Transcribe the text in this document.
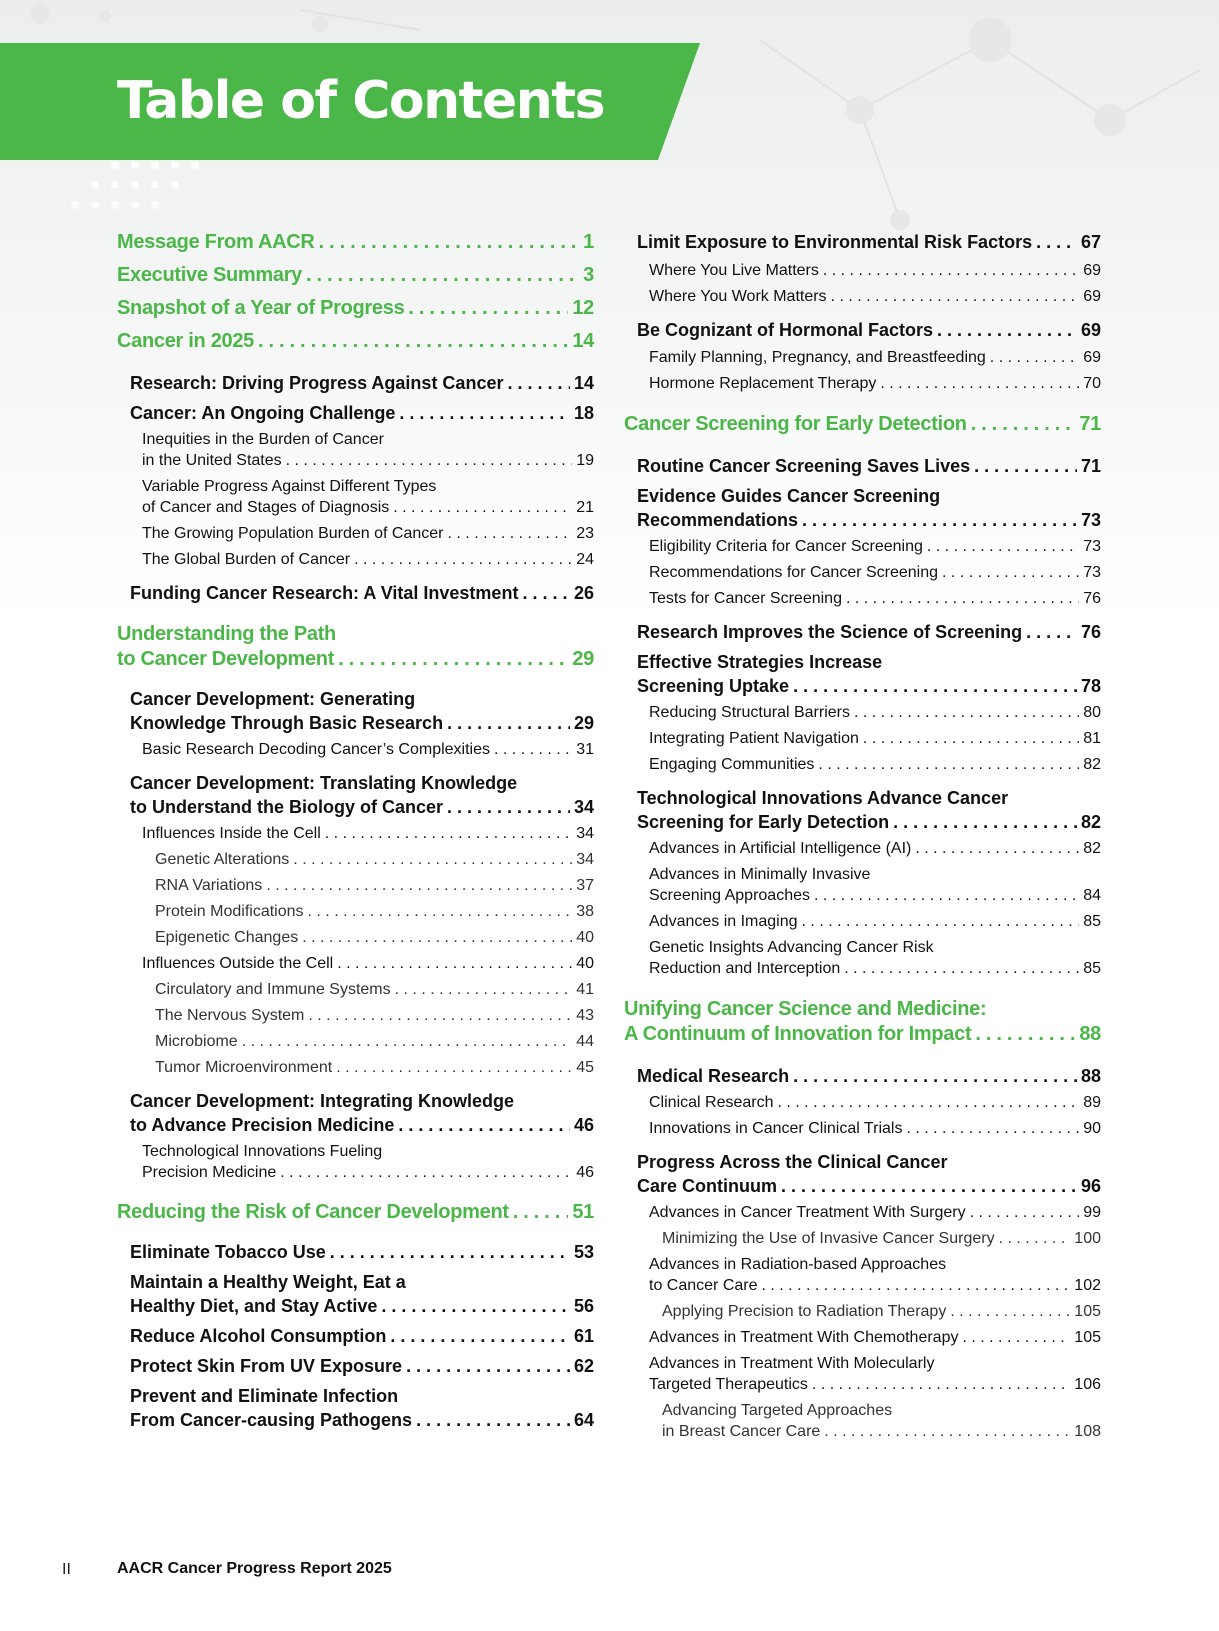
Table of Contents
Message From AACR . . .	1
Executive Summary . . .	3
Snapshot of a Year of Progress . . .	12
Cancer in 2025 . . .	14
Research: Driving Progress Against Cancer . . .	14
Cancer: An Ongoing Challenge . . .	18
Inequities in the Burden of Cancer
in the United States . . .	19
Variable Progress Against Different Types
of Cancer and Stages of Diagnosis . . .	21
The Growing Population Burden of Cancer . . .	23
The Global Burden of Cancer . . .	24
Funding Cancer Research: A Vital Investment . . .	26
Understanding the Path
to Cancer Development . . .	29
Cancer Development: Generating
Knowledge Through Basic Research . . .	29
Basic Research Decoding Cancer’s Complexities . . .	31
Cancer Development: Translating Knowledge
to Understand the Biology of Cancer . . .	34
Influences Inside the Cell . . .	34
Genetic Alterations . . .	34
RNA Variations . . .	37
Protein Modifications . . .	38
Epigenetic Changes . . .	40
Influences Outside the Cell . . .	40
Circulatory and Immune Systems . . .	41
The Nervous System . . .	43
Microbiome . . .	44
Tumor Microenvironment . . .	45
Cancer Development: Integrating Knowledge
to Advance Precision Medicine . . .	46
Technological Innovations Fueling
Precision Medicine . . .	46
Reducing the Risk of Cancer Development . . .	51
Eliminate Tobacco Use . . .	53
Maintain a Healthy Weight, Eat a
Healthy Diet, and Stay Active . . .	56
Reduce Alcohol Consumption . . .	61
Protect Skin From UV Exposure . . .	62
Prevent and Eliminate Infection
From Cancer-causing Pathogens . . .	64
Limit Exposure to Environmental Risk Factors . . .	67
Where You Live Matters . . .	69
Where You Work Matters . . .	69
Be Cognizant of Hormonal Factors . . .	69
Family Planning, Pregnancy, and Breastfeeding . . .	69
Hormone Replacement Therapy . . .	70
Cancer Screening for Early Detection . . .	71
Routine Cancer Screening Saves Lives . . .	71
Evidence Guides Cancer Screening
Recommendations . . .	73
Eligibility Criteria for Cancer Screening . . .	73
Recommendations for Cancer Screening . . .	73
Tests for Cancer Screening . . .	76
Research Improves the Science of Screening . . .	76
Effective Strategies Increase
Screening Uptake . . .	78
Reducing Structural Barriers . . .	80
Integrating Patient Navigation . . .	81
Engaging Communities . . .	82
Technological Innovations Advance Cancer
Screening for Early Detection . . .	82
Advances in Artificial Intelligence (AI) . . .	82
Advances in Minimally Invasive
Screening Approaches . . .	84
Advances in Imaging . . .	85
Genetic Insights Advancing Cancer Risk
Reduction and Interception . . .	85
Unifying Cancer Science and Medicine:
A Continuum of Innovation for Impact . . .	88
Medical Research . . .	88
Clinical Research . . .	89
Innovations in Cancer Clinical Trials . . .	90
Progress Across the Clinical Cancer
Care Continuum . . .	96
Advances in Cancer Treatment With Surgery . . .	99
Minimizing the Use of Invasive Cancer Surgery . . .	100
Advances in Radiation-based Approaches
to Cancer Care . . .	102
Applying Precision to Radiation Therapy . . .	105
Advances in Treatment With Chemotherapy . . .	105
Advances in Treatment With Molecularly
Targeted Therapeutics . . .	106
Advancing Targeted Approaches
in Breast Cancer Care . . .	108
II	AACR Cancer Progress Report 2025
